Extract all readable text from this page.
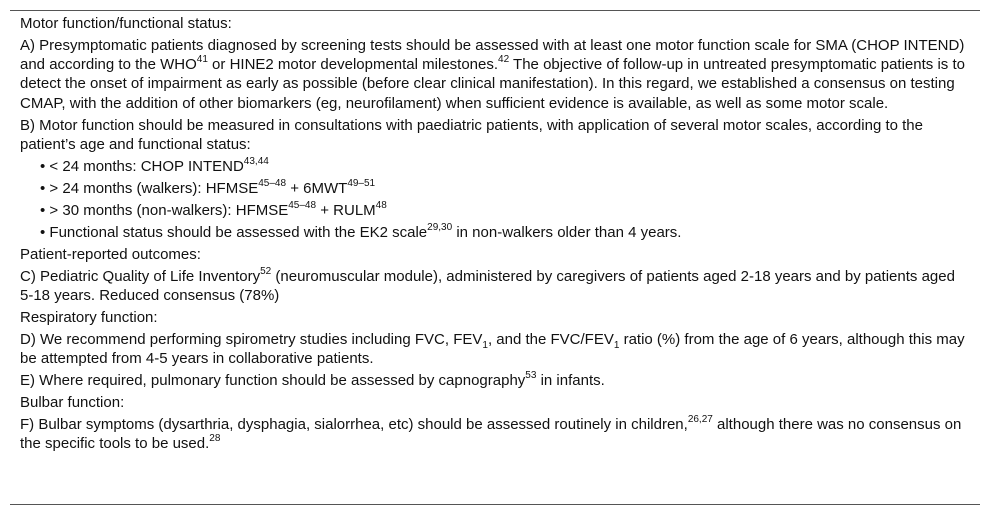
Motor function/functional status:

A) Presymptomatic patients diagnosed by screening tests should be assessed with at least one motor function scale for SMA (CHOP INTEND) and according to the WHO$^{41}$ or HINE2 motor developmental milestones.$^{42}$ The objective of follow-up in untreated presymptomatic patients is to detect the onset of impairment as early as possible (before clear clinical manifestation). In this regard, we established a consensus on testing CMAP, with the addition of other biomarkers (eg, neurofilament) when sufficient evidence is available, as well as some motor scale.

B) Motor function should be measured in consultations with paediatric patients, with application of several motor scales, according to the patient’s age and functional status:

• < 24 months: CHOP INTEND$^{43,44}$

• > 24 months (walkers): $HFMSE^{45-48} + 6MWT^{49-51}$

• > 30 months (non-walkers): $HFMSE^{45-48}$ + $RULM^{48}$

• Functional status should be assessed with the EK2 scale$^{29,30}$ in non-walkers older than 4 years.

Patient-reported outcomes:

C) Pediatric Quality of Life Inventory$^{52}$ (neuromuscular module), administered by caregivers of patients aged 2-18 years and by patients aged 5-18 years. Reduced consensus (78%)

Respiratory function:

D) We recommend performing spirometry studies including FVC, $FEV_1$, and the FVC/$FEV_1$ ratio (%) from the age of 6 years, although this may be attempted from 4-5 years in collaborative patients.

E) Where required, pulmonary function should be assessed by capnography$^{53}$ in infants.

Bulbar function:

F) Bulbar symptoms (dysarthria, dysphagia, sialorrhea, etc) should be assessed routinely in children,$^{26,27}$ although there was no consensus on the specific tools to be used.$^{28}$
